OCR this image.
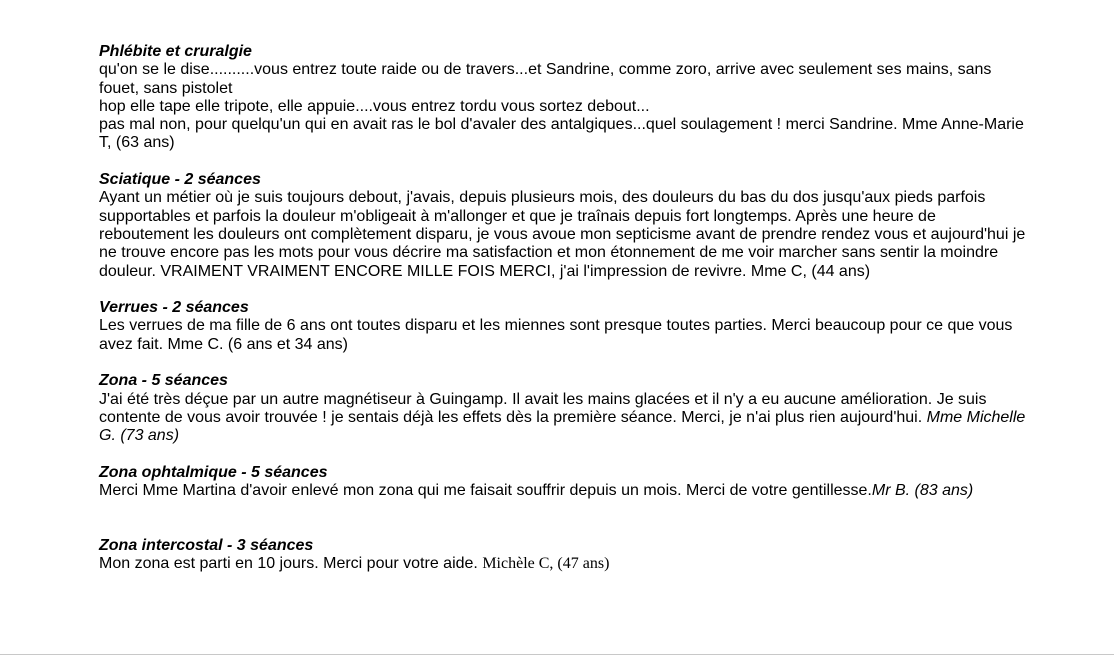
Phlébite et cruralgie
qu'on se le dise..........vous entrez toute raide ou de travers...et Sandrine, comme zoro, arrive avec seulement ses mains, sans fouet, sans pistolet
hop elle tape elle tripote, elle appuie....vous entrez tordu vous sortez debout...
pas mal non, pour quelqu'un qui en avait ras le bol d'avaler des antalgiques...quel soulagement ! merci Sandrine. Mme Anne-Marie T, (63 ans)
Sciatique - 2 séances
Ayant un métier où je suis toujours debout, j'avais, depuis plusieurs mois, des douleurs du bas du dos jusqu'aux pieds parfois supportables et parfois la douleur m'obligeait à m'allonger et que je traînais depuis fort longtemps. Après une heure de reboutement les douleurs ont complètement disparu, je vous avoue mon septicisme avant de prendre rendez vous et aujourd'hui je ne trouve encore pas les mots pour vous décrire ma satisfaction et mon étonnement de me voir marcher sans sentir la moindre douleur. VRAIMENT VRAIMENT ENCORE MILLE FOIS MERCI, j'ai l'impression de revivre. Mme C, (44 ans)
Verrues - 2 séances
Les verrues de ma fille de 6 ans ont toutes disparu et les miennes sont presque toutes parties. Merci beaucoup pour ce que vous avez fait. Mme C. (6 ans et 34 ans)
Zona - 5 séances
J'ai été très déçue par un autre magnétiseur à Guingamp. Il avait les mains glacées et il n'y a eu aucune amélioration. Je suis contente de vous avoir trouvée ! je sentais déjà les effets dès la première séance. Merci, je n'ai plus rien aujourd'hui. Mme Michelle G. (73 ans)
Zona ophtalmique - 5 séances
Merci Mme Martina d'avoir enlevé mon zona qui me faisait souffrir depuis un mois. Merci de votre gentillesse.Mr B. (83 ans)
Zona intercostal - 3 séances
Mon zona est parti en 10 jours. Merci pour votre aide. Michèle C, (47 ans)
